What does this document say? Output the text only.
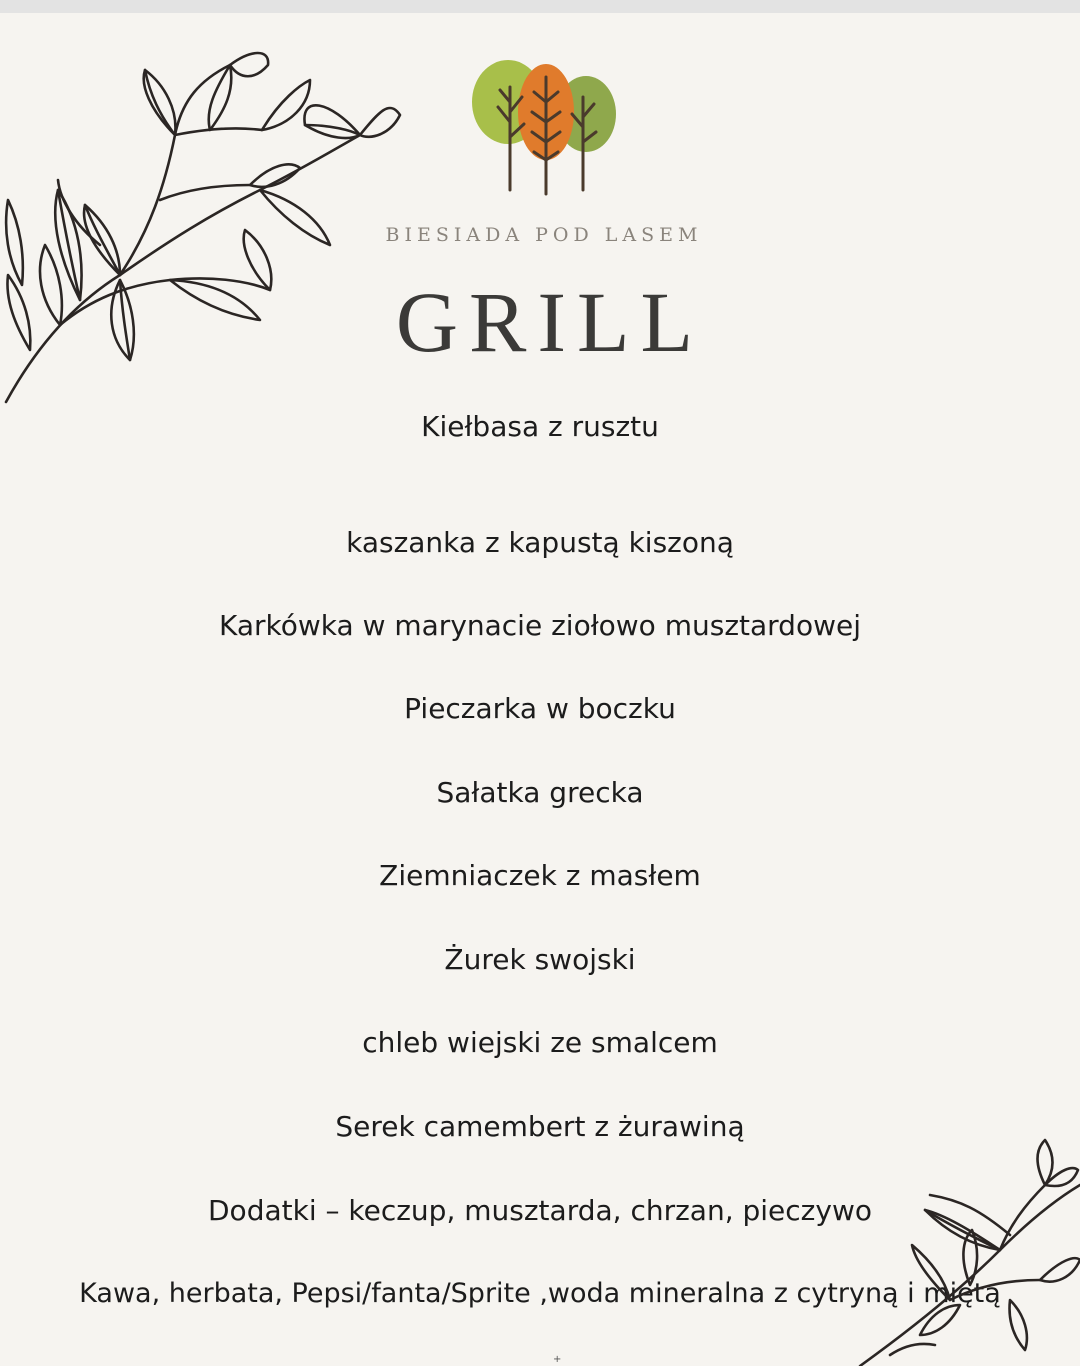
BIESIADA POD LASEM
GRILL
Kiełbasa z rusztu
kaszanka z kapustą kiszoną
Karkówka w marynacie ziołowo musztardowej
Pieczarka w boczku
Sałatka grecka
Ziemniaczek z masłem
Żurek swojski
chleb wiejski ze smalcem
Serek camembert z żurawiną
Dodatki – keczup, musztarda, chrzan, pieczywo
Kawa, herbata, Pepsi/fanta/Sprite ,woda mineralna z cytryną i miętą
+
